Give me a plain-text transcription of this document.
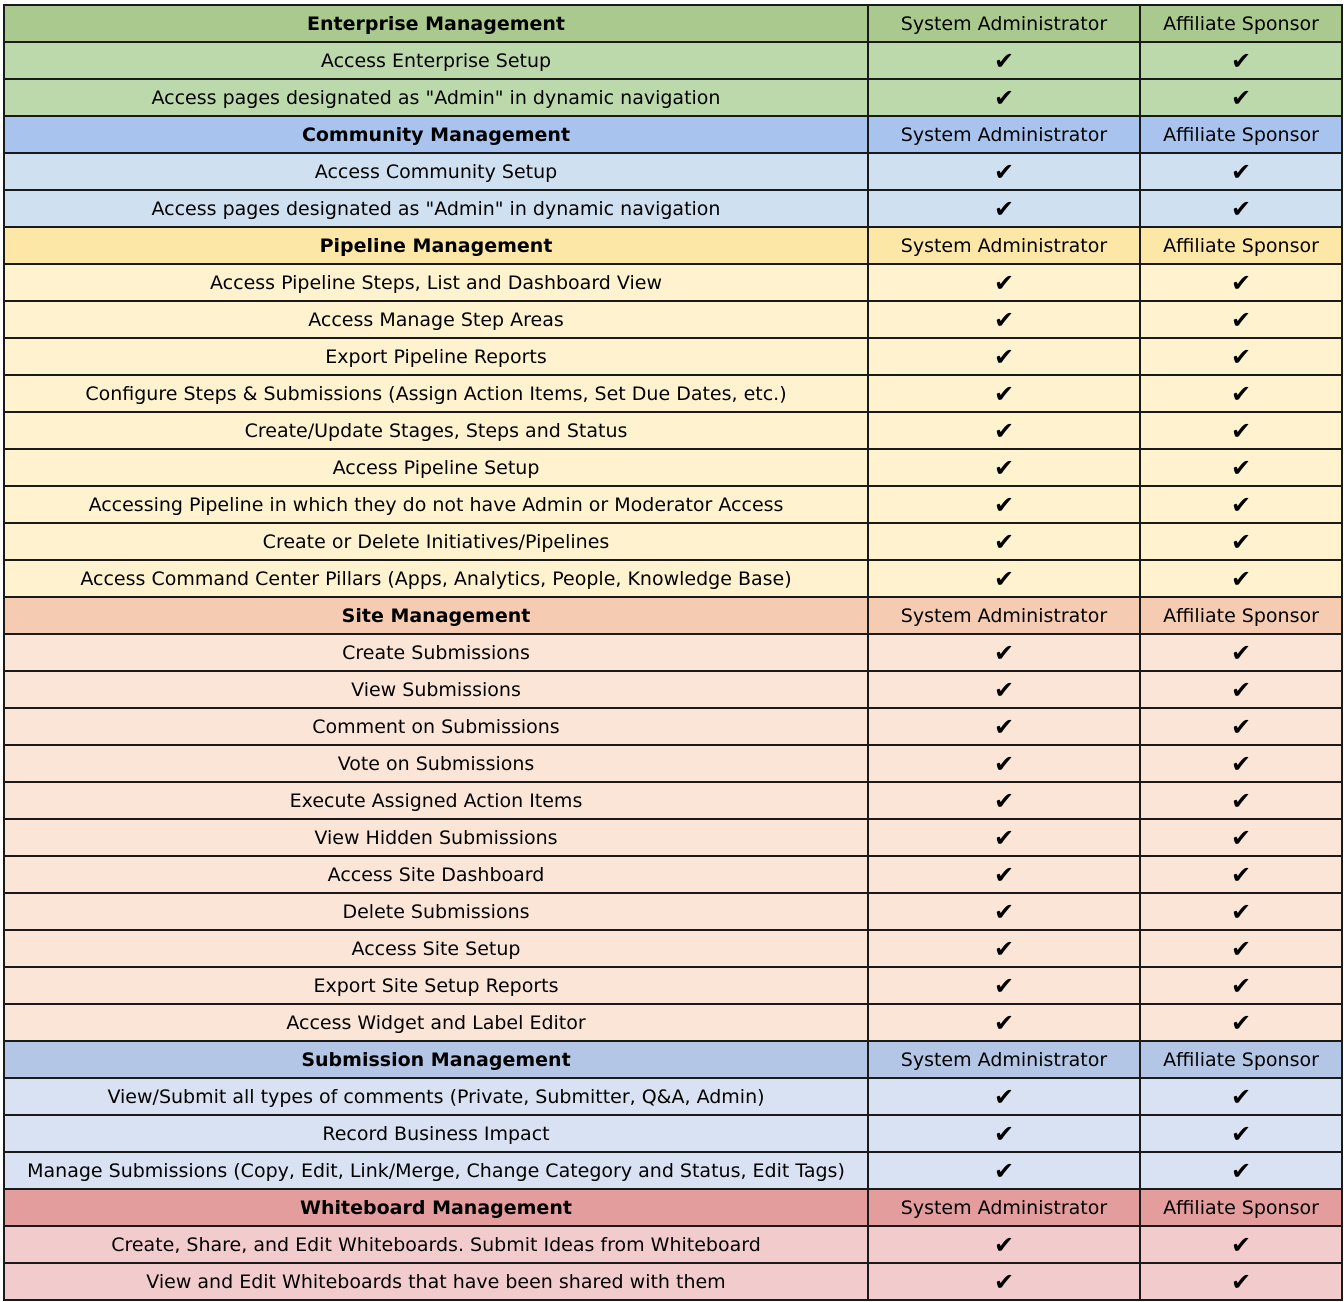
Enterprise Management	System Administrator	Affiliate Sponsor
Access Enterprise Setup	✔	✔
Access pages designated as "Admin" in dynamic navigation	✔	✔
Community Management	System Administrator	Affiliate Sponsor
Access Community Setup	✔	✔
Access pages designated as "Admin" in dynamic navigation	✔	✔
Pipeline Management	System Administrator	Affiliate Sponsor
Access Pipeline Steps, List and Dashboard View	✔	✔
Access Manage Step Areas	✔	✔
Export Pipeline Reports	✔	✔
Configure Steps & Submissions (Assign Action Items, Set Due Dates, etc.)	✔	✔
Create/Update Stages, Steps and Status	✔	✔
Access Pipeline Setup	✔	✔
Accessing Pipeline in which they do not have Admin or Moderator Access	✔	✔
Create or Delete Initiatives/Pipelines	✔	✔
Access Command Center Pillars (Apps, Analytics, People, Knowledge Base)	✔	✔
Site Management	System Administrator	Affiliate Sponsor
Create Submissions	✔	✔
View Submissions	✔	✔
Comment on Submissions	✔	✔
Vote on Submissions	✔	✔
Execute Assigned Action Items	✔	✔
View Hidden Submissions	✔	✔
Access Site Dashboard	✔	✔
Delete Submissions	✔	✔
Access Site Setup	✔	✔
Export Site Setup Reports	✔	✔
Access Widget and Label Editor	✔	✔
Submission Management	System Administrator	Affiliate Sponsor
View/Submit all types of comments (Private, Submitter, Q&A, Admin)	✔	✔
Record Business Impact	✔	✔
Manage Submissions (Copy, Edit, Link/Merge, Change Category and Status, Edit Tags)	✔	✔
Whiteboard Management	System Administrator	Affiliate Sponsor
Create, Share, and Edit Whiteboards. Submit Ideas from Whiteboard	✔	✔
View and Edit Whiteboards that have been shared with them	✔	✔
